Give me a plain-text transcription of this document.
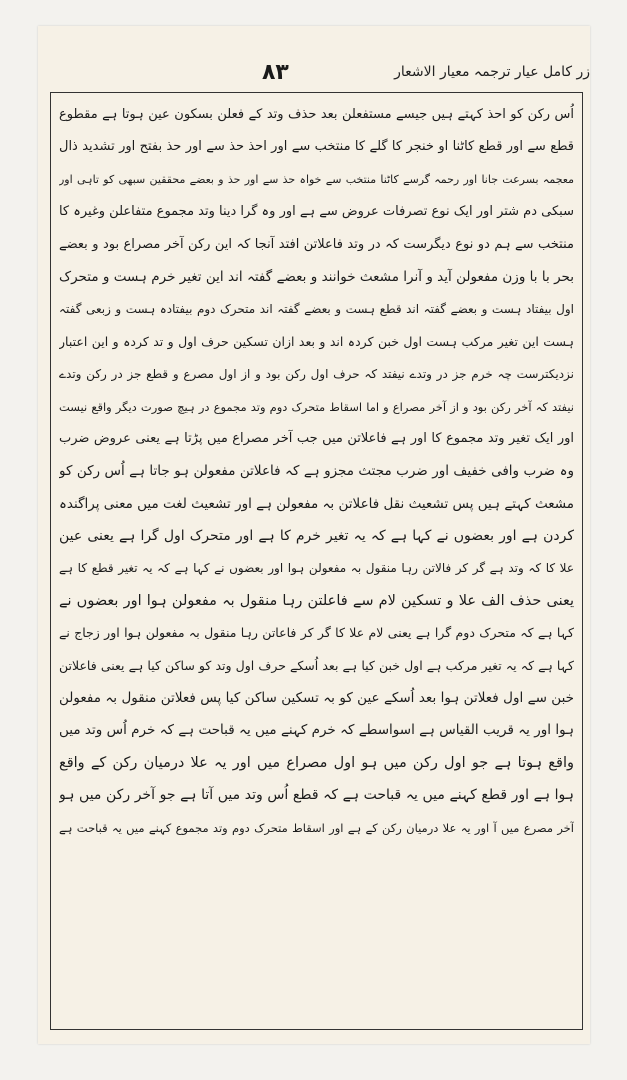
۸۳	زر کامل عیار ترجمہ معیار الاشعار
اُس رکن کو احذ کہتے ہیں جیسے مستفعلن بعد حذف وتد کے فعلن بسکون عین ہوتا ہے مقطوع
قطع سے اور قطع کاٹنا او خنجر کا گلے کا منتخب سے اور احذ حذ سے اور حذ بفتح اور تشدید ذال
معجمہ بسرعت جانا اور رحمہ گرسے کاٹنا منتخب سے خواہ حذ سے اور حذ و بعضے محققین سبھی کو تاہی اور
سبکی دم شتر اور ایک نوع تصرفات عروض سے ہے اور وہ گرا دینا وتد مجموع متفاعلن وغیرہ کا
منتخب سے ہم دو نوع دیگرست کہ در وتد فاعلاتن افتد آنجا کہ این رکن آخر مصراع بود و بعضے
بحر با با وزن مفعولن آید و آنرا مشعث خوانند و بعضے گفتہ اند این تغیر خرم ہست و متحرک
اول بیفتاد ہست و بعضے گفتہ اند قطع ہست و بعضے گفتہ اند متحرک دوم بیفتادہ ہست و زبعی گفتہ
ہست این تغیر مرکب ہست اول خبن کردہ اند و بعد ازان تسکین حرف اول و تد کردہ و این اعتبار
نزدیکترست چہ خرم جز در وتدے نیفتد کہ حرف اول رکن بود و از اول مصرع و قطع جز در رکن وتدے
نیفتد کہ آخر رکن بود و از آخر مصراع و اما اسقاط متحرک دوم وتد مجموع در ہیچ صورت دیگر واقع نیست
اور ایک تغیر وتد مجموع کا اور ہے فاعلاتن میں جب آخر مصراع میں پڑتا ہے یعنی عروض ضرب
وہ ضرب وافی خفیف اور ضرب مجتث مجزو ہے کہ فاعلاتن مفعولن ہو جاتا ہے اُس رکن کو
مشعث کہتے ہیں پس تشعیث نقل فاعلاتن بہ مفعولن ہے اور تشعیث لغت میں معنی پراگندہ
کردن ہے اور بعضوں نے کہا ہے کہ یہ تغیر خرم کا ہے اور متحرک اول گرا ہے یعنی عین
علا کا کہ وتد ہے گر کر فالاتن رہا منقول بہ مفعولن ہوا اور بعضوں نے کہا ہے کہ یہ تغیر قطع کا ہے
یعنی حذف الف علا و تسکین لام سے فاعلتن رہا منقول بہ مفعولن ہوا اور بعضوں نے
کہا ہے کہ متحرک دوم گرا ہے یعنی لام علا کا گر کر فاعاتن رہا منقول بہ مفعولن ہوا اور زجاج نے
کہا ہے کہ یہ تغیر مرکب ہے اول خبن کیا ہے بعد اُسکے حرف اول وتد کو ساکن کیا ہے یعنی فاعلاتن
خبن سے اول فعلاتن ہوا بعد اُسکے عین کو بہ تسکین ساکن کیا پس فعلاتن منقول بہ مفعولن
ہوا اور یہ قریب القیاس ہے اسواسطے کہ خرم کہنے میں یہ قباحت ہے کہ خرم اُس وتد میں
واقع ہوتا ہے جو اول رکن میں ہو اول مصراع میں اور یہ علا درمیان رکن کے واقع
ہوا ہے اور قطع کہنے میں یہ قباحت ہے کہ قطع اُس وتد میں آتا ہے جو آخر رکن میں ہو
آخر مصرع میں آ اور یہ علا درمیان رکن کے ہے اور اسقاط متحرک دوم وتد مجموع کہنے میں یہ قباحت ہے
